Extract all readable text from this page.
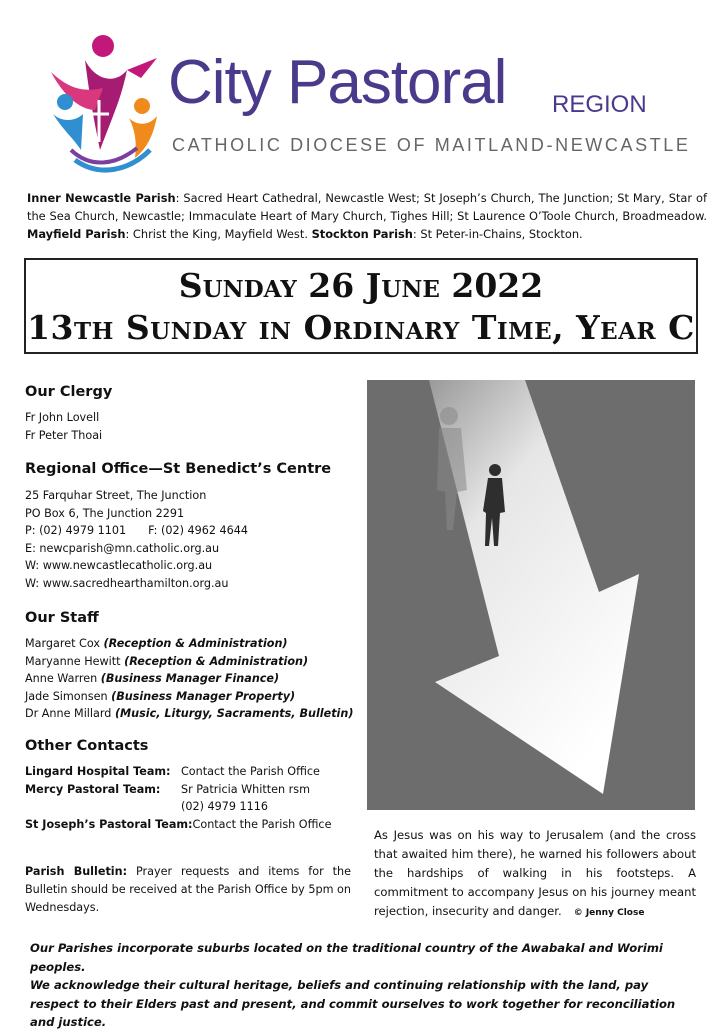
City Pastoral REGION
CATHOLIC DIOCESE OF MAITLAND-NEWCASTLE
Inner Newcastle Parish: Sacred Heart Cathedral, Newcastle West; St Joseph’s Church, The Junction; St Mary, Star of the Sea Church, Newcastle; Immaculate Heart of Mary Church, Tighes Hill; St Laurence O’Toole Church, Broadmeadow. Mayfield Parish: Christ the King, Mayfield West. Stockton Parish: St Peter-in-Chains, Stockton.
Sunday 26 June 2022
13th Sunday in Ordinary Time, Year C
Our Clergy
Fr John Lovell
Fr Peter Thoai
Regional Office—St Benedict’s Centre
25 Farquhar Street, The Junction
PO Box 6, The Junction 2291
P: (02) 4979 1101 F: (02) 4962 4644
E: newcparish@mn.catholic.org.au
W: www.newcastlecatholic.org.au
W: www.sacredhearthamilton.org.au
Our Staff
Margaret Cox (Reception & Administration)
Maryanne Hewitt (Reception & Administration)
Anne Warren (Business Manager Finance)
Jade Simonsen (Business Manager Property)
Dr Anne Millard (Music, Liturgy, Sacraments, Bulletin)
Other Contacts
Lingard Hospital Team: Contact the Parish Office
Mercy Pastoral Team:	Sr Patricia Whitten rsm
(02) 4979 1116
St Joseph’s Pastoral Team: Contact the Parish Office
Parish Bulletin: Prayer requests and items for the Bulletin should be received at the Parish Office by 5pm on Wednesdays.
As Jesus was on his way to Jerusalem (and the cross that awaited him there), he warned his followers about the hardships of walking in his footsteps. A commitment to accompany Jesus on his journey meant rejection, insecurity and danger. © Jenny Close
Our Parishes incorporate suburbs located on the traditional country of the Awabakal and Worimi peoples.
We acknowledge their cultural heritage, beliefs and continuing relationship with the land, pay respect to their Elders past and present, and commit ourselves to work together for reconciliation and justice.
